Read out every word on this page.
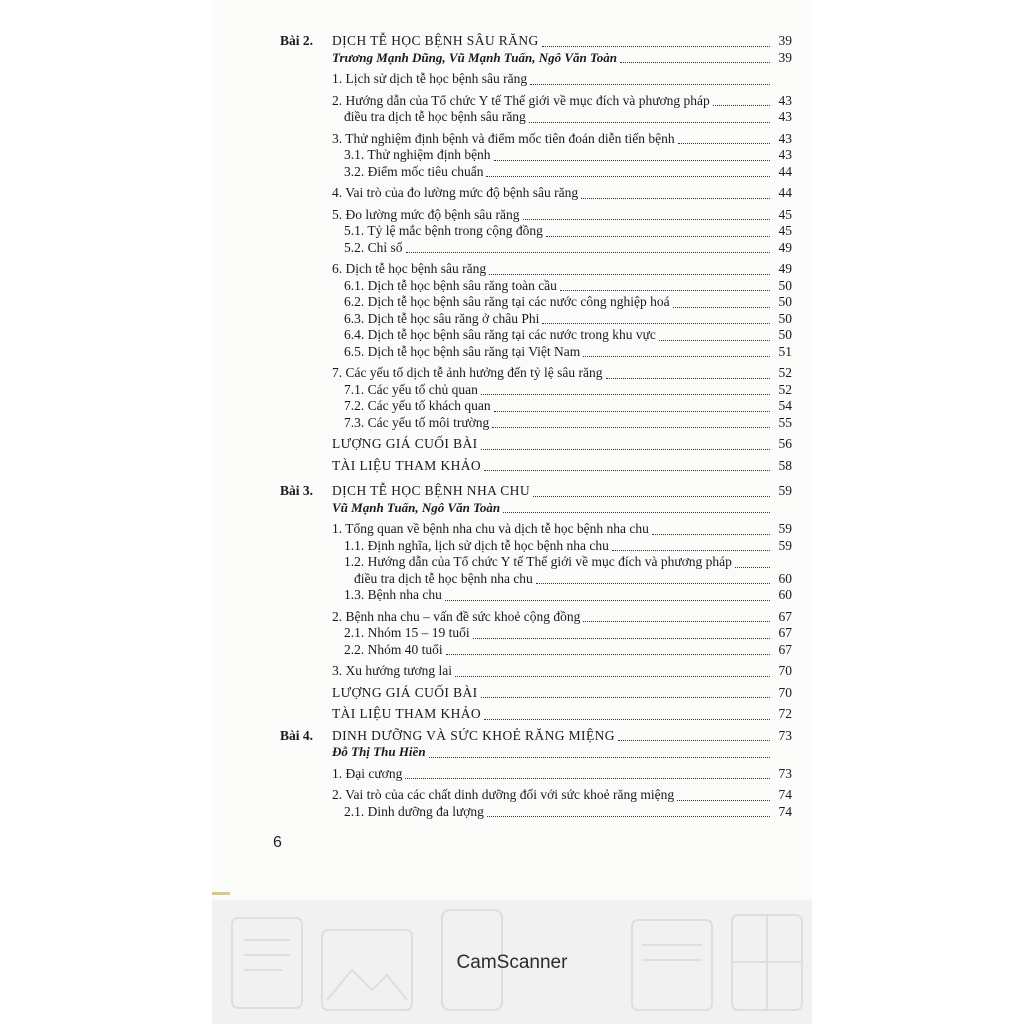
Bài 2. DỊCH TỄ HỌC BỆNH SÂU RĂNG	39
Trương Mạnh Dũng, Vũ Mạnh Tuấn, Ngô Văn Toàn	39
1. Lịch sử dịch tễ học bệnh sâu răng
2. Hướng dẫn của Tổ chức Y tế Thế giới về mục đích và phương pháp	43
điều tra dịch tễ học bệnh sâu răng	43
3. Thử nghiệm định bệnh và điểm mốc tiên đoán diễn tiến bệnh	43
3.1. Thử nghiệm định bệnh	43
3.2. Điểm mốc tiêu chuẩn	44
4. Vai trò của đo lường mức độ bệnh sâu răng	44
5. Đo lường mức độ bệnh sâu răng	45
5.1. Tỷ lệ mắc bệnh trong cộng đồng	45
5.2. Chỉ số	49
6. Dịch tễ học bệnh sâu răng	49
6.1. Dịch tễ học bệnh sâu răng toàn cầu	50
6.2. Dịch tễ học bệnh sâu răng tại các nước công nghiệp hoá	50
6.3. Dịch tễ học sâu răng ở châu Phi	50
6.4. Dịch tễ học bệnh sâu răng tại các nước trong khu vực	50
6.5. Dịch tễ học bệnh sâu răng tại Việt Nam	51
7. Các yếu tố dịch tễ ảnh hưởng đến tỷ lệ sâu răng	52
7.1. Các yếu tố chủ quan	52
7.2. Các yếu tố khách quan	54
7.3. Các yếu tố môi trường	55
LƯỢNG GIÁ CUỐI BÀI	56
TÀI LIỆU THAM KHẢO	58
Bài 3. DỊCH TỄ HỌC BỆNH NHA CHU	59
Vũ Mạnh Tuấn, Ngô Văn Toàn
1. Tổng quan về bệnh nha chu và dịch tễ học bệnh nha chu	59
1.1. Định nghĩa, lịch sử dịch tễ học bệnh nha chu	59
1.2. Hướng dẫn của Tổ chức Y tế Thế giới về mục đích và phương pháp
điều tra dịch tễ học bệnh nha chu	60
1.3. Bệnh nha chu	60
2. Bệnh nha chu – vấn đề sức khoẻ cộng đồng	67
2.1. Nhóm 15 – 19 tuổi	67
2.2. Nhóm 40 tuổi	67
3. Xu hướng tương lai	70
LƯỢNG GIÁ CUỐI BÀI	70
TÀI LIỆU THAM KHẢO	72
Bài 4. DINH DƯỠNG VÀ SỨC KHOẺ RĂNG MIỆNG	73
Đỗ Thị Thu Hiền
1. Đại cương	73
2. Vai trò của các chất dinh dưỡng đối với sức khoẻ răng miệng	74
2.1. Dinh dưỡng đa lượng	74
6
CamScanner
